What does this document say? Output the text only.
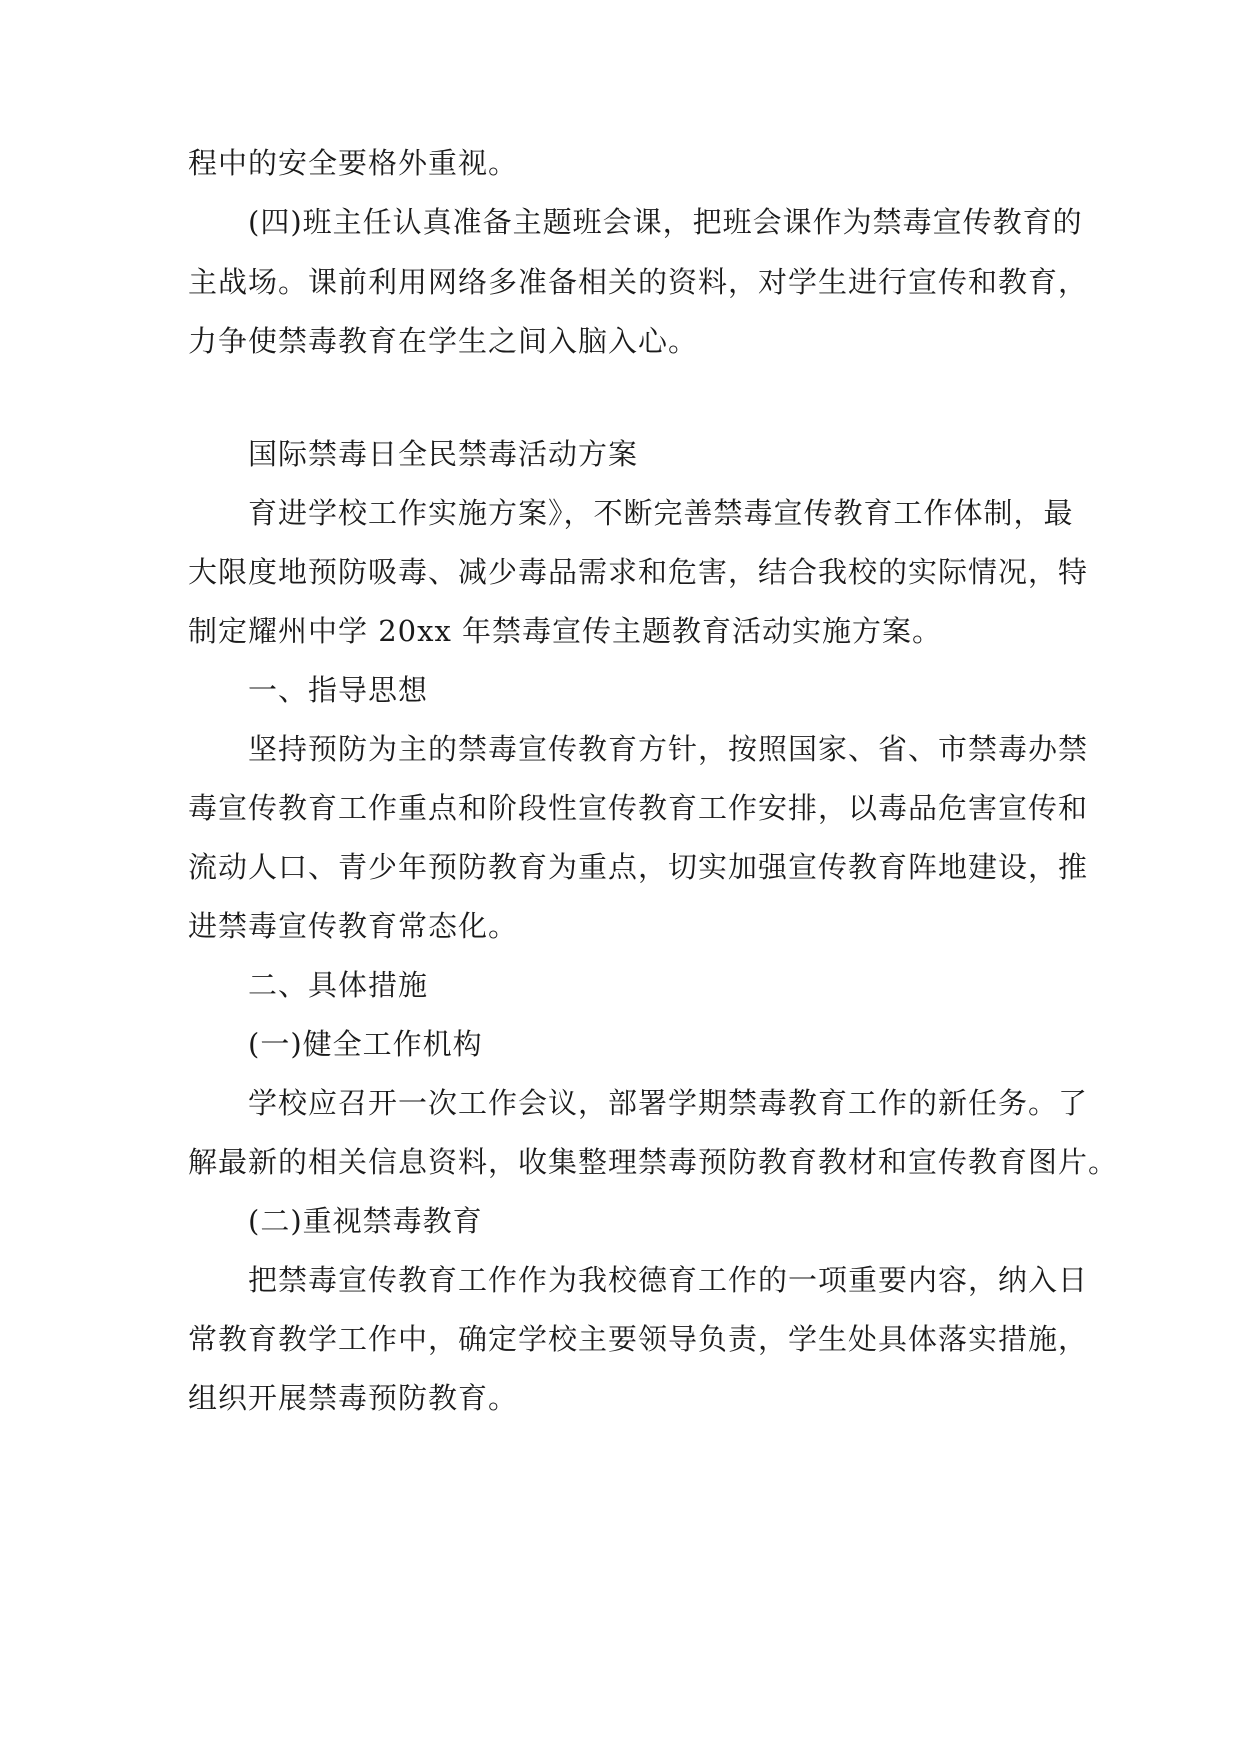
程中的安全要格外重视。
(四)班主任认真准备主题班会课，把班会课作为禁毒宣传教育的
主战场。课前利用网络多准备相关的资料，对学生进行宣传和教育，
力争使禁毒教育在学生之间入脑入心。
国际禁毒日全民禁毒活动方案
育进学校工作实施方案》，不断完善禁毒宣传教育工作体制，最
大限度地预防吸毒、减少毒品需求和危害，结合我校的实际情况，特
制定耀州中学 20xx 年禁毒宣传主题教育活动实施方案。
一、指导思想
坚持预防为主的禁毒宣传教育方针，按照国家、省、市禁毒办禁
毒宣传教育工作重点和阶段性宣传教育工作安排，以毒品危害宣传和
流动人口、青少年预防教育为重点，切实加强宣传教育阵地建设，推
进禁毒宣传教育常态化。
二、具体措施
(一)健全工作机构
学校应召开一次工作会议，部署学期禁毒教育工作的新任务。了
解最新的相关信息资料，收集整理禁毒预防教育教材和宣传教育图片。
(二)重视禁毒教育
把禁毒宣传教育工作作为我校德育工作的一项重要内容，纳入日
常教育教学工作中，确定学校主要领导负责，学生处具体落实措施，
组织开展禁毒预防教育。
